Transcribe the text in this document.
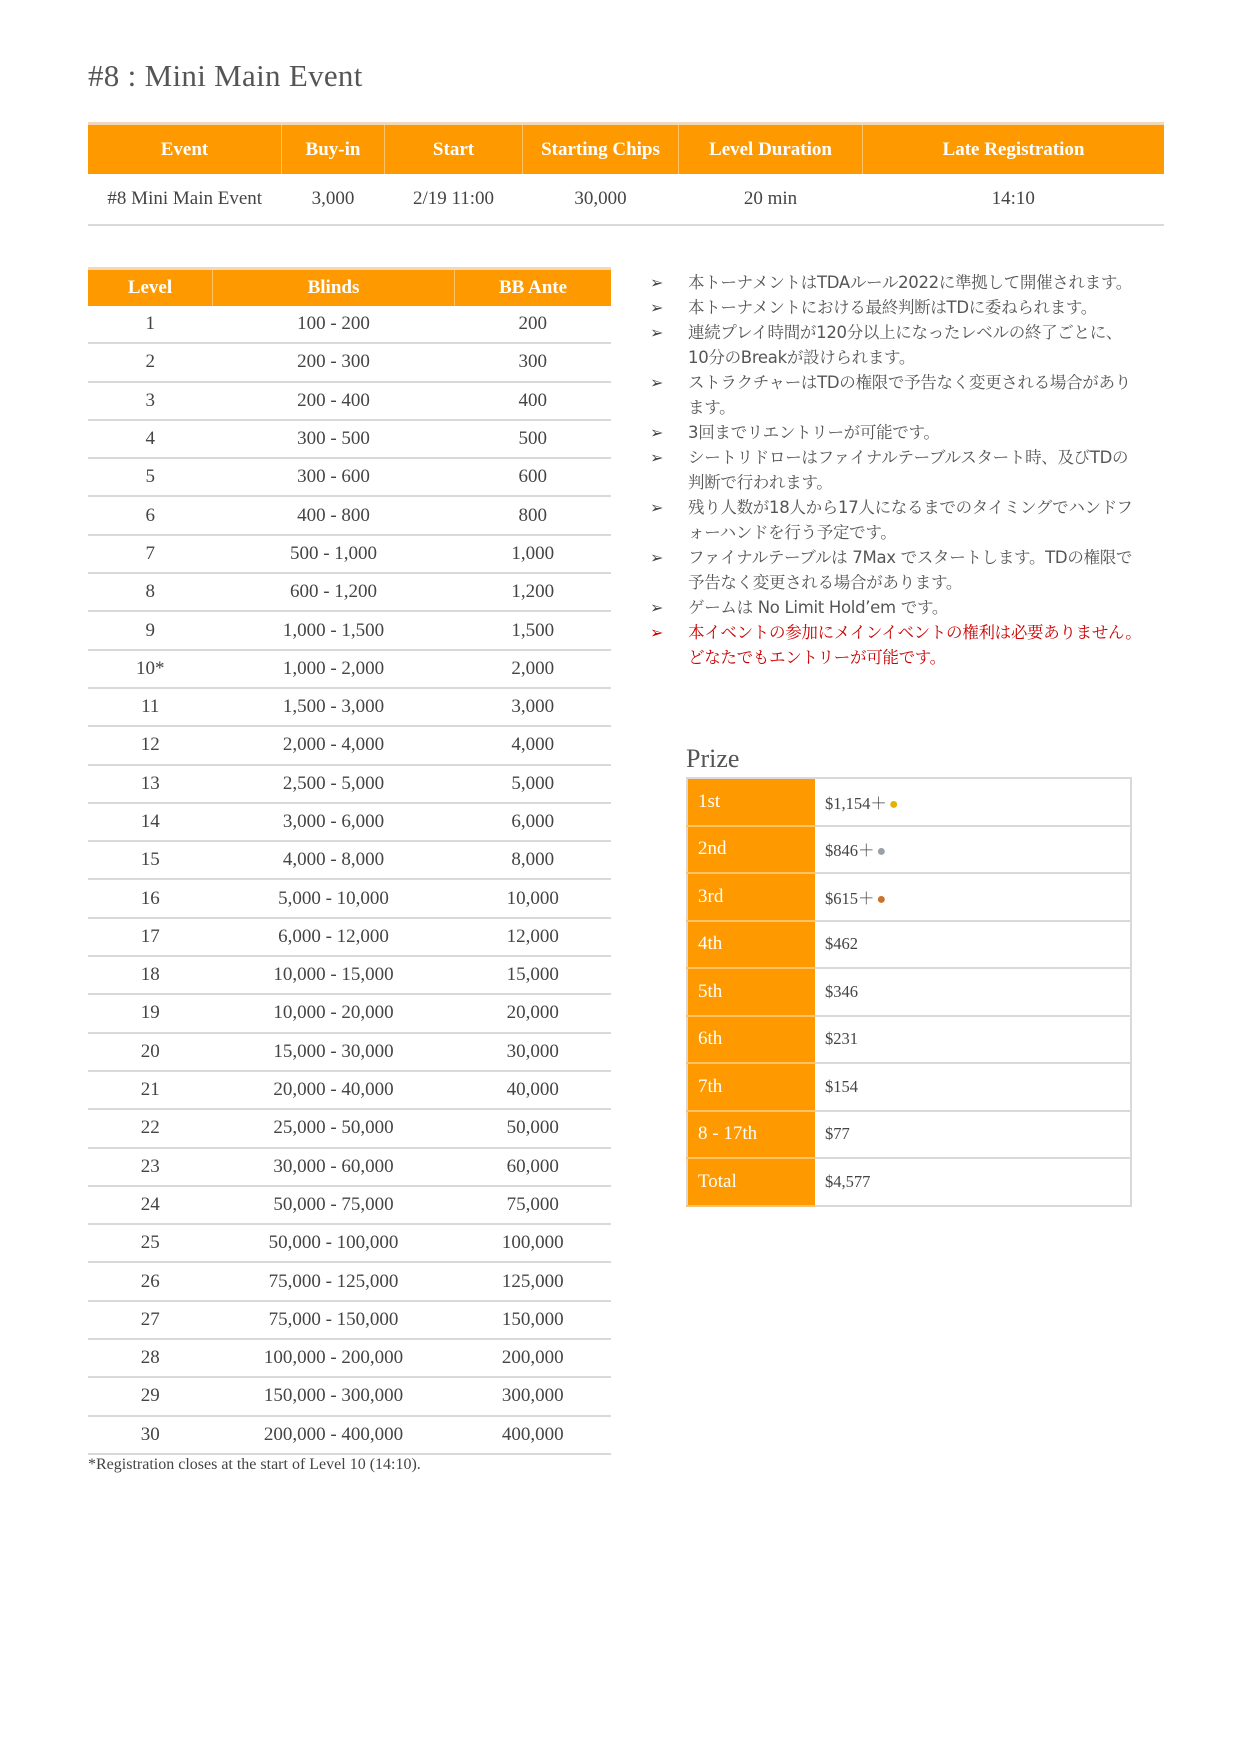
#8 : Mini Main Event
Event	Buy-in	Start	Starting Chips	Level Duration	Late Registration
#8 Mini Main Event	3,000	2/19 11:00	30,000	20 min	14:10
Level	Blinds	BB Ante
1	100 - 200	200
2	200 - 300	300
3	200 - 400	400
4	300 - 500	500
5	300 - 600	600
6	400 - 800	800
7	500 - 1,000	1,000
8	600 - 1,200	1,200
9	1,000 - 1,500	1,500
10*	1,000 - 2,000	2,000
11	1,500 - 3,000	3,000
12	2,000 - 4,000	4,000
13	2,500 - 5,000	5,000
14	3,000 - 6,000	6,000
15	4,000 - 8,000	8,000
16	5,000 - 10,000	10,000
17	6,000 - 12,000	12,000
18	10,000 - 15,000	15,000
19	10,000 - 20,000	20,000
20	15,000 - 30,000	30,000
21	20,000 - 40,000	40,000
22	25,000 - 50,000	50,000
23	30,000 - 60,000	60,000
24	50,000 - 75,000	75,000
25	50,000 - 100,000	100,000
26	75,000 - 125,000	125,000
27	75,000 - 150,000	150,000
28	100,000 - 200,000	200,000
29	150,000 - 300,000	300,000
30	200,000 - 400,000	400,000
*Registration closes at the start of Level 10 (14:10).
➢ 本トーナメントはTDAルール2022に準拠して開催されます。
➢ 本トーナメントにおける最終判断はTDに委ねられます。
➢ 連続プレイ時間が120分以上になったレベルの終了ごとに、10分のBreakが設けられます。
➢ ストラクチャーはTDの権限で予告なく変更される場合があります。
➢ 3回までリエントリーが可能です。
➢ シートリドローはファイナルテーブルスタート時、及びTDの判断で行われます。
➢ 残り人数が18人から17人になるまでのタイミングでハンドフォーハンドを行う予定です。
➢ ファイナルテーブルは 7Max でスタートします。TDの権限で予告なく変更される場合があります。
➢ ゲームは No Limit Hold’em です。
➢ 本イベントの参加にメインイベントの権利は必要ありません。どなたでもエントリーが可能です。
Prize
1st	$1,154＋ ●
2nd	$846＋ ●
3rd	$615＋ ●
4th	$462
5th	$346
6th	$231
7th	$154
8 - 17th	$77
Total	$4,577
